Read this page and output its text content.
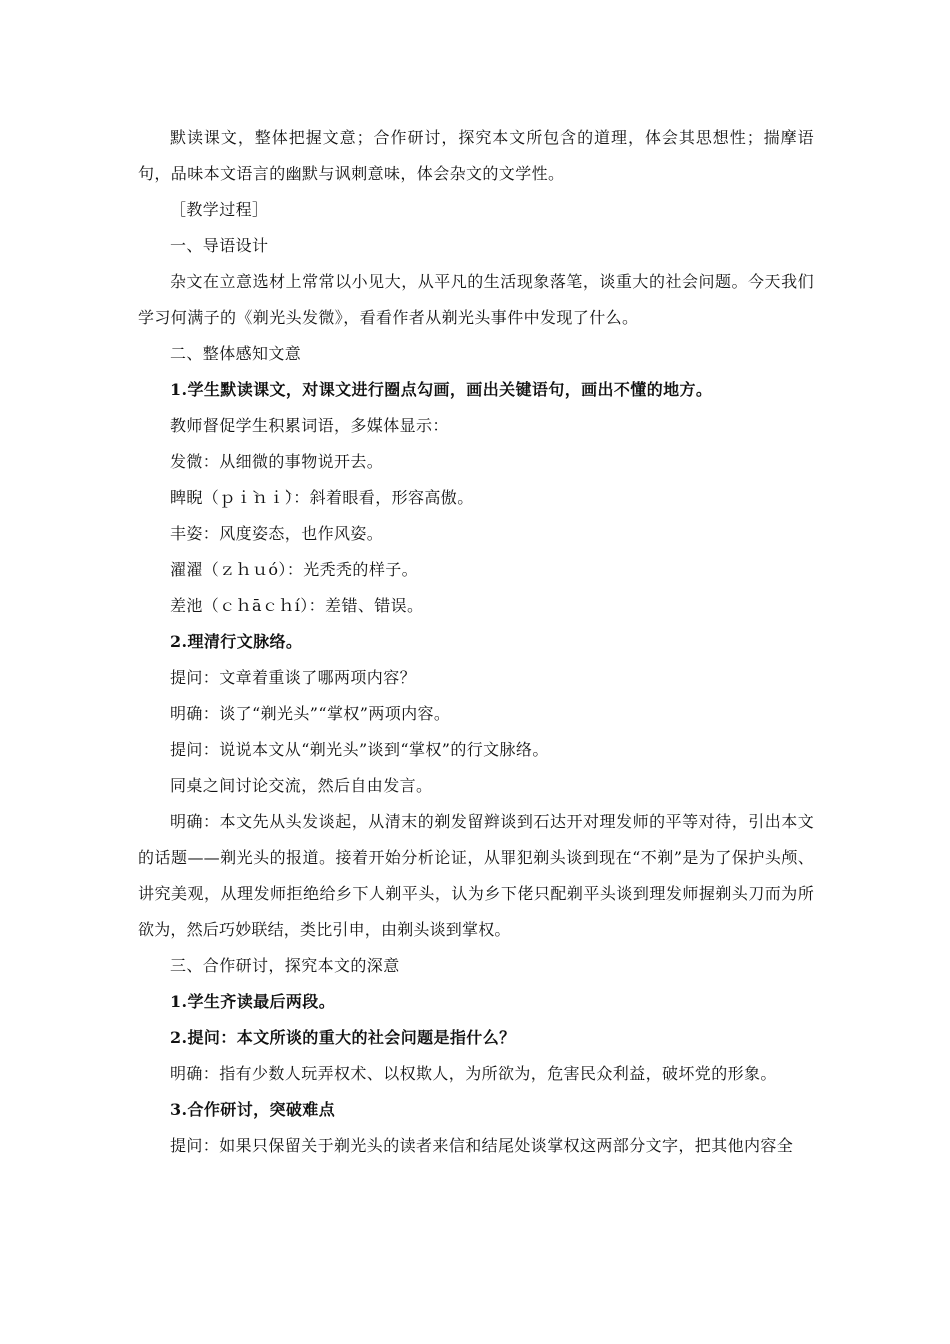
默读课文，整体把握文意；合作研讨，探究本文所包含的道理，体会其思想性；揣摩语句，品味本文语言的幽默与讽刺意味，体会杂文的文学性。

［教学过程］

一、导语设计

杂文在立意选材上常常以小见大，从平凡的生活现象落笔，谈重大的社会问题。今天我们学习何满子的《剃光头发微》，看看作者从剃光头事件中发现了什么。

二、整体感知文意

1.学生默读课文，对课文进行圈点勾画，画出关键语句，画出不懂的地方。

教师督促学生积累词语，多媒体显示：

发微：从细微的事物说开去。

睥睨（ｐｉ̀ｎｉ̀）：斜着眼看，形容高傲。

丰姿：风度姿态，也作风姿。

濯濯（ｚｈｕó）：光秃秃的样子。

差池（ｃｈāｃｈí）：差错、错误。

2.理清行文脉络。

提问：文章着重谈了哪两项内容？

明确：谈了“剃光头”“掌权”两项内容。

提问：说说本文从“剃光头”谈到“掌权”的行文脉络。

同桌之间讨论交流，然后自由发言。

明确：本文先从头发谈起，从清末的剃发留辫谈到石达开对理发师的平等对待，引出本文的话题——剃光头的报道。接着开始分析论证，从罪犯剃头谈到现在“不剃”是为了保护头颅、讲究美观，从理发师拒绝给乡下人剃平头，认为乡下佬只配剃平头谈到理发师握剃头刀而为所欲为，然后巧妙联结，类比引申，由剃头谈到掌权。

三、合作研讨，探究本文的深意

1.学生齐读最后两段。

2.提问：本文所谈的重大的社会问题是指什么？

明确：指有少数人玩弄权术、以权欺人，为所欲为，危害民众利益，破坏党的形象。

3.合作研讨，突破难点

提问：如果只保留关于剃光头的读者来信和结尾处谈掌权这两部分文字，把其他内容全
